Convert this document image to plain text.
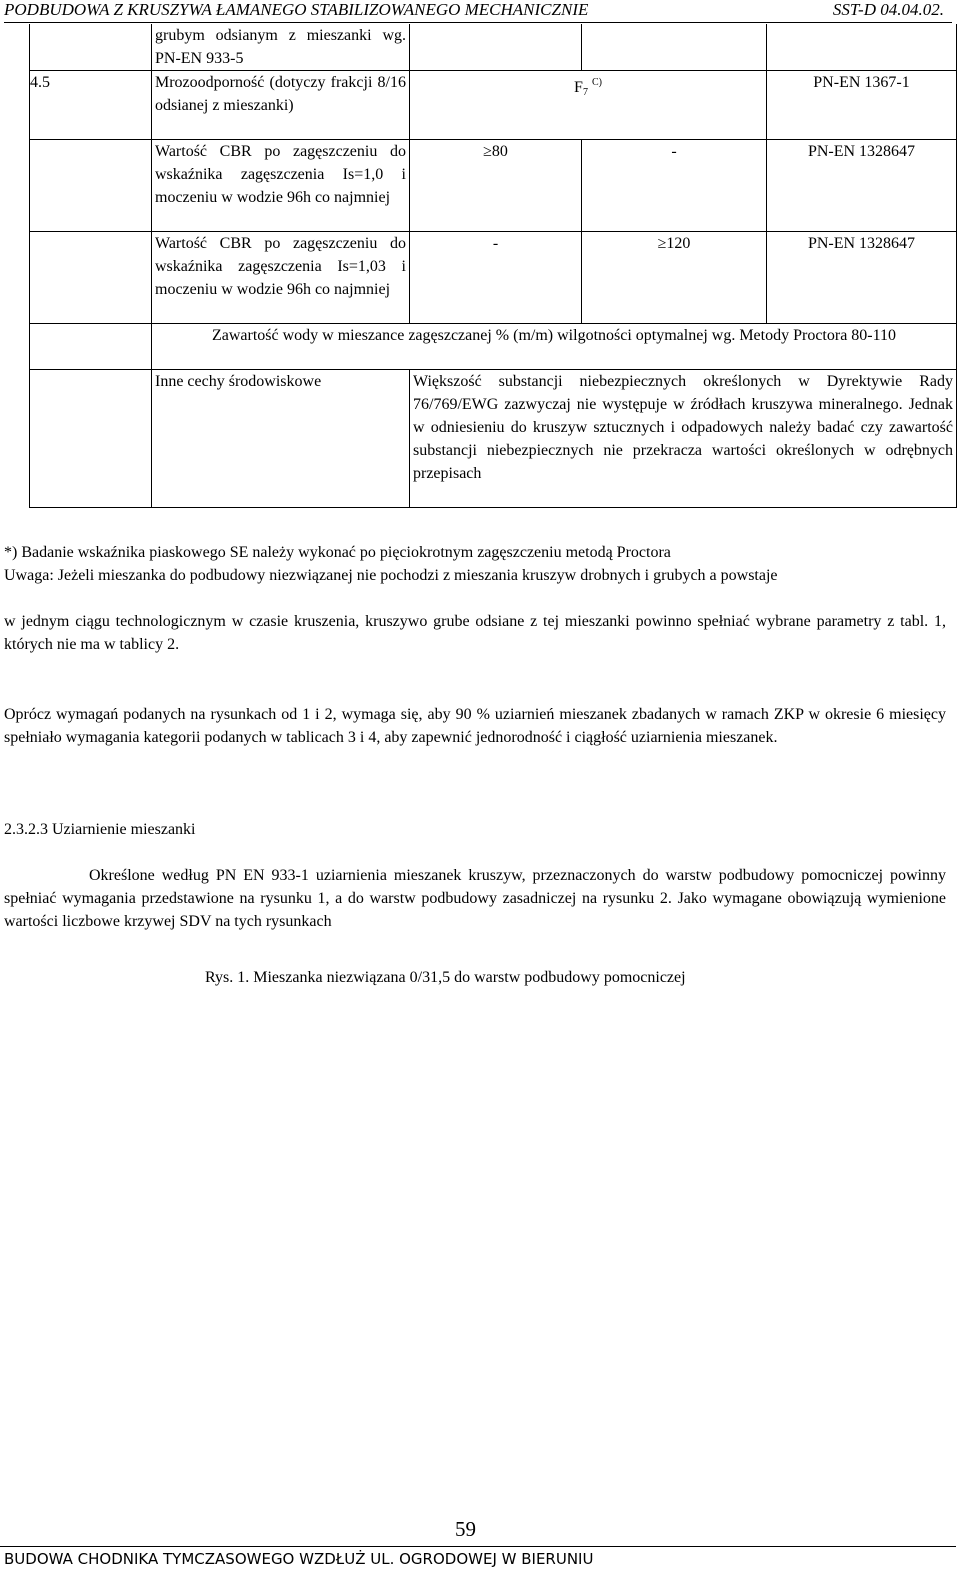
PODBUDOWA Z KRUSZYWA ŁAMANEGO STABILIZOWANEGO MECHANICZNIE	SST-D 04.04.02.
	grubym odsianym z mieszanki wg. PN-EN 933-5			
4.5	Mrozoodporność (dotyczy frakcji 8/16 odsianej z mieszanki)	$F_7$ $^{C)}$		PN-EN 1367-1
	Wartość CBR po zagęszczeniu do wskaźnika zagęszczenia Is=1,0 i moczeniu w wodzie 96h co najmniej	≥80	-	PN-EN 1328647
	Wartość CBR po zagęszczeniu do wskaźnika zagęszczenia Is=1,03 i moczeniu w wodzie 96h co najmniej	-	≥120	PN-EN 1328647
	Zawartość wody w mieszance zagęszczanej % (m/m) wilgotności optymalnej wg. Metody Proctora 80-110			
	Inne cechy środowiskowe	Większość substancji niebezpiecznych określonych w Dyrektywie Rady 76/769/EWG zazwyczaj nie występuje w źródłach kruszywa mineralnego. Jednak w odniesieniu do kruszyw sztucznych i odpadowych należy badać czy zawartość substancji niebezpiecznych nie przekracza wartości określonych w odrębnych przepisach		
*) Badanie wskaźnika piaskowego SE należy wykonać po pięciokrotnym zagęszczeniu metodą Proctora
Uwaga: Jeżeli mieszanka do podbudowy niezwiązanej nie pochodzi z mieszania kruszyw drobnych i grubych a powstaje
w jednym ciągu technologicznym w czasie kruszenia, kruszywo grube odsiane z tej mieszanki powinno spełniać wybrane parametry z tabl. 1, których nie ma w tablicy 2.
Oprócz wymagań podanych na rysunkach od 1 i 2, wymaga się, aby 90 % uziarnień mieszanek zbadanych w ramach ZKP w okresie 6 miesięcy spełniało wymagania kategorii podanych w tablicach 3 i 4, aby zapewnić jednorodność i ciągłość uziarnienia mieszanek.
2.3.2.3 Uziarnienie mieszanki
Określone według PN EN 933-1 uziarnienia mieszanek kruszyw, przeznaczonych do warstw podbudowy pomocniczej powinny spełniać wymagania przedstawione na rysunku 1, a do warstw podbudowy zasadniczej na rysunku 2. Jako wymagane obowiązują wymienione wartości liczbowe krzywej SDV na tych rysunkach
Rys. 1. Mieszanka niezwiązana 0/31,5 do warstw podbudowy pomocniczej
59
BUDOWA CHODNIKA TYMCZASOWEGO WZDŁUŻ UL. OGRODOWEJ W BIERUNIU
